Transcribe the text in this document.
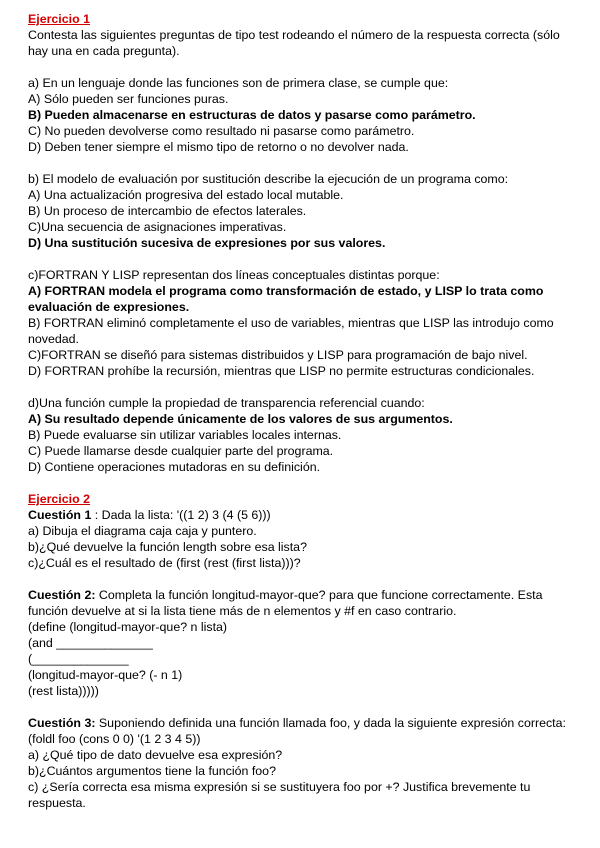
Ejercicio 1
Contesta las siguientes preguntas de tipo test rodeando el número de la respuesta correcta (sólo hay una en cada pregunta).
a) En un lenguaje donde las funciones son de primera clase, se cumple que:
A) Sólo pueden ser funciones puras.
B) Pueden almacenarse en estructuras de datos y pasarse como parámetro.
C) No pueden devolverse como resultado ni pasarse como parámetro.
D) Deben tener siempre el mismo tipo de retorno o no devolver nada.
b) El modelo de evaluación por sustitución describe la ejecución de un programa como:
A) Una actualización progresiva del estado local mutable.
B) Un proceso de intercambio de efectos laterales.
C)Una secuencia de asignaciones imperativas.
D) Una sustitución sucesiva de expresiones por sus valores.
c)FORTRAN Y LISP representan dos líneas conceptuales distintas porque:
A) FORTRAN modela el programa como transformación de estado, y LISP lo trata como evaluación de expresiones.
B) FORTRAN eliminó completamente el uso de variables, mientras que LISP las introdujo como novedad.
C)FORTRAN se diseñó para sistemas distribuidos y LISP para programación de bajo nivel.
D) FORTRAN prohíbe la recursión, mientras que LISP no permite estructuras condicionales.
d)Una función cumple la propiedad de transparencia referencial cuando:
A) Su resultado depende únicamente de los valores de sus argumentos.
B) Puede evaluarse sin utilizar variables locales internas.
C) Puede llamarse desde cualquier parte del programa.
D) Contiene operaciones mutadoras en su definición.
Ejercicio 2
Cuestión 1 : Dada la lista: '((1 2) 3 (4 (5 6)))
a) Dibuja el diagrama caja caja y puntero.
b)¿Qué devuelve la función length sobre esa lista?
c)¿Cuál es el resultado de (first (rest (first lista)))?
Cuestión 2: Completa la función longitud-mayor-que? para que funcione correctamente. Esta función devuelve at si la lista tiene más de n elementos y #f en caso contrario.
(define (longitud-mayor-que? n lista)
(and ______________
(______________
(longitud-mayor-que? (- n 1)
(rest lista)))))
Cuestión 3: Suponiendo definida una función llamada foo, y dada la siguiente expresión correcta:
(foldl foo (cons 0 0) '(1 2 3 4 5))
a) ¿Qué tipo de dato devuelve esa expresión?
b)¿Cuántos argumentos tiene la función foo?
c) ¿Sería correcta esa misma expresión si se sustituyera foo por +? Justifica brevemente tu respuesta.
